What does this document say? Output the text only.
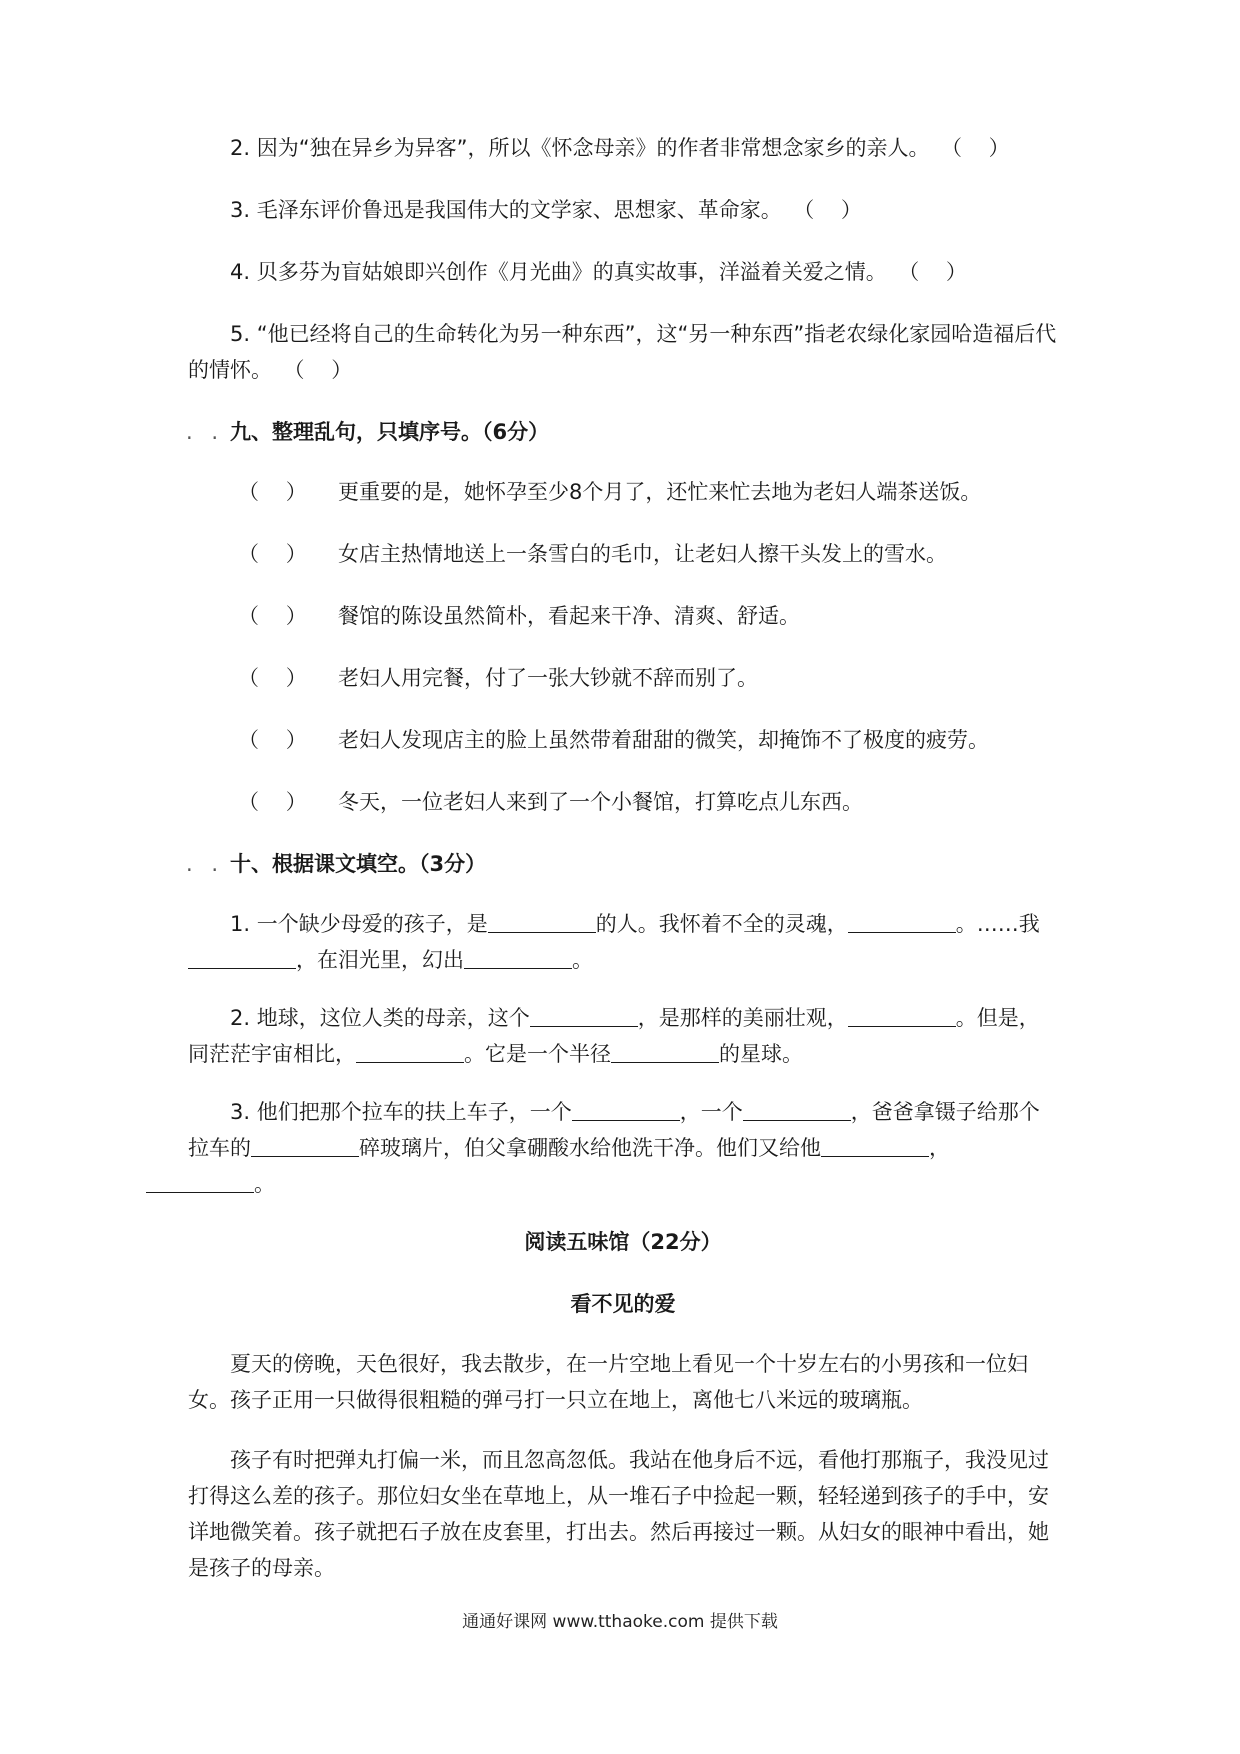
2. 因为“独在异乡为异客”，所以《怀念母亲》的作者非常想念家乡的亲人。 （    ）
3. 毛泽东评价鲁迅是我国伟大的文学家、思想家、革命家。 （    ）
4. 贝多芬为盲姑娘即兴创作《月光曲》的真实故事，洋溢着关爱之情。 （    ）
5. “他已经将自己的生命转化为另一种东西”，这“另一种东西”指老农绿化家园哈造福后代的情怀。 （    ）
. . 九、整理乱句，只填序号。（6分）
（    ）	更重要的是，她怀孕至少8个月了，还忙来忙去地为老妇人端茶送饭。
（    ）	女店主热情地送上一条雪白的毛巾，让老妇人擦干头发上的雪水。
（    ）	餐馆的陈设虽然简朴，看起来干净、清爽、舒适。
（    ）	老妇人用完餐，付了一张大钞就不辞而别了。
（    ）	老妇人发现店主的脸上虽然带着甜甜的微笑，却掩饰不了极度的疲劳。
（    ）	冬天，一位老妇人来到了一个小餐馆，打算吃点儿东西。
. . 十、根据课文填空。（3分）
1. 一个缺少母爱的孩子，是	的人。我怀着不全的灵魂，	。……我，在泪光里，幻出	。
2. 地球，这位人类的母亲，这个	，是那样的美丽壮观，	。但是，同茫茫宇宙相比，	。它是一个半径	的星球。
3. 他们把那个拉车的扶上车子，一个	，一个	，爸爸拿镊子给那个拉车的	碎玻璃片，伯父拿硼酸水给他洗干净。他们又给他	，
。
阅读五味馆（22分）
看不见的爱
夏天的傍晚，天色很好，我去散步，在一片空地上看见一个十岁左右的小男孩和一位妇女。孩子正用一只做得很粗糙的弹弓打一只立在地上，离他七八米远的玻璃瓶。
孩子有时把弹丸打偏一米，而且忽高忽低。我站在他身后不远，看他打那瓶子，我没见过打得这么差的孩子。那位妇女坐在草地上，从一堆石子中捡起一颗，轻轻递到孩子的手中，安详地微笑着。孩子就把石子放在皮套里，打出去。然后再接过一颗。从妇女的眼神中看出，她是孩子的母亲。
通通好课网 www.tthaoke.com 提供下载
